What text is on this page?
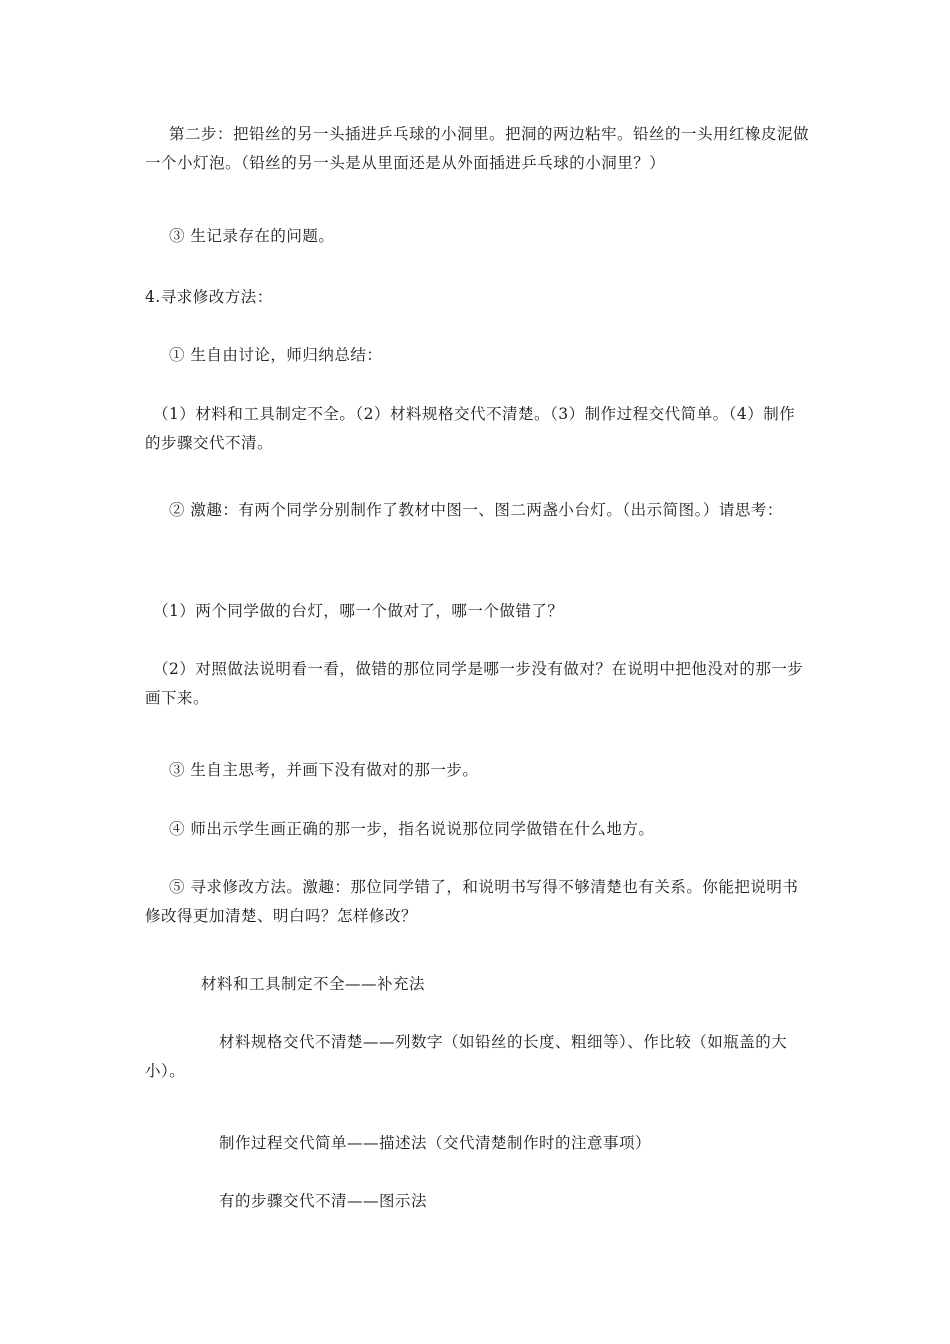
第二步：把铅丝的另一头插进乒乓球的小洞里。把洞的两边粘牢。铅丝的一头用红橡皮泥做一个小灯泡。（铅丝的另一头是从里面还是从外面插进乒乓球的小洞里？）
③ 生记录存在的问题。
4.寻求修改方法：
① 生自由讨论，师归纳总结：
（1）材料和工具制定不全。（2）材料规格交代不清楚。（3）制作过程交代简单。（4）制作的步骤交代不清。
② 激趣：有两个同学分别制作了教材中图一、图二两盏小台灯。（出示简图。）请思考：
（1）两个同学做的台灯，哪一个做对了，哪一个做错了？
（2）对照做法说明看一看，做错的那位同学是哪一步没有做对？在说明中把他没对的那一步画下来。
③ 生自主思考，并画下没有做对的那一步。
④ 师出示学生画正确的那一步，指名说说那位同学做错在什么地方。
⑤ 寻求修改方法。激趣：那位同学错了，和说明书写得不够清楚也有关系。你能把说明书修改得更加清楚、明白吗？怎样修改？
材料和工具制定不全——补充法
材料规格交代不清楚——列数字（如铅丝的长度、粗细等）、作比较（如瓶盖的大小）。
制作过程交代简单——描述法（交代清楚制作时的注意事项）
有的步骤交代不清——图示法
